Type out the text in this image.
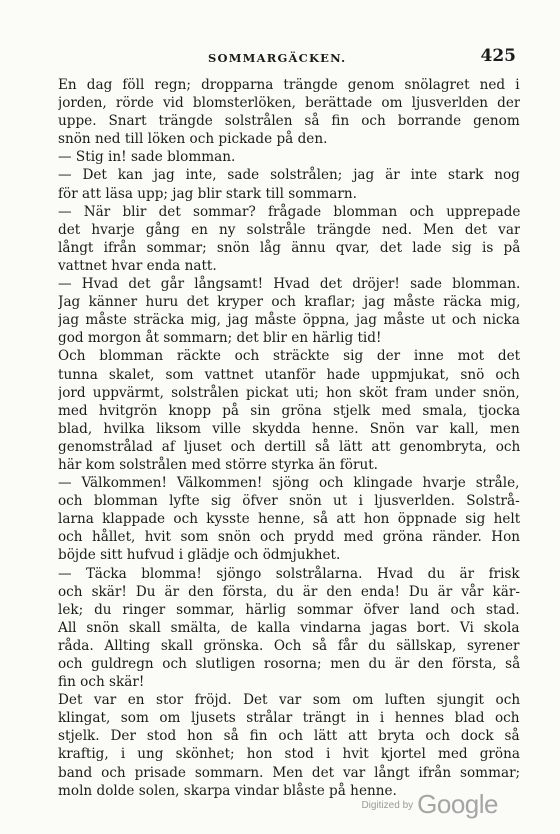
SOMMARGÄCKEN.	425
En dag föll regn; dropparna trängde genom snölagret ned i
jorden, rörde vid blomsterlöken, berättade om ljusverlden der
uppe. Snart trängde solstrålen så fin och borrande genom
snön ned till löken och pickade på den.
— Stig in! sade blomman.
— Det kan jag inte, sade solstrålen; jag är inte stark nog
för att läsa upp; jag blir stark till sommarn.
— När blir det sommar? frågade blomman och upprepade
det hvarje gång en ny solstråle trängde ned. Men det var
långt ifrån sommar; snön låg ännu qvar, det lade sig is på
vattnet hvar enda natt.
— Hvad det går långsamt! Hvad det dröjer! sade blomman.
Jag känner huru det kryper och kraflar; jag måste räcka mig,
jag måste sträcka mig, jag måste öppna, jag måste ut och nicka
god morgon åt sommarn; det blir en härlig tid!
Och blomman räckte och sträckte sig der inne mot det
tunna skalet, som vattnet utanför hade uppmjukat, snö och
jord uppvärmt, solstrålen pickat uti; hon sköt fram under snön,
med hvitgrön knopp på sin gröna stjelk med smala, tjocka
blad, hvilka liksom ville skydda henne. Snön var kall, men
genomstrålad af ljuset och dertill så lätt att genombryta, och
här kom solstrålen med större styrka än förut.
— Välkommen! Välkommen! sjöng och klingade hvarje stråle,
och blomman lyfte sig öfver snön ut i ljusverlden. Solstrå-
larna klappade och kysste henne, så att hon öppnade sig helt
och hållet, hvit som snön och prydd med gröna ränder. Hon
böjde sitt hufvud i glädje och ödmjukhet.
— Täcka blomma! sjöngo solstrålarna. Hvad du är frisk
och skär! Du är den första, du är den enda! Du är vår kär-
lek; du ringer sommar, härlig sommar öfver land och stad.
All snön skall smälta, de kalla vindarna jagas bort. Vi skola
råda. Allting skall grönska. Och så får du sällskap, syrener
och guldregn och slutligen rosorna; men du är den första, så
fin och skär!
Det var en stor fröjd. Det var som om luften sjungit och
klingat, som om ljusets strålar trängt in i hennes blad och
stjelk. Der stod hon så fin och lätt att bryta och dock så
kraftig, i ung skönhet; hon stod i hvit kjortel med gröna
band och prisade sommarn. Men det var långt ifrån sommar;
moln dolde solen, skarpa vindar blåste på henne.
$^{Digitized by}$ Google
